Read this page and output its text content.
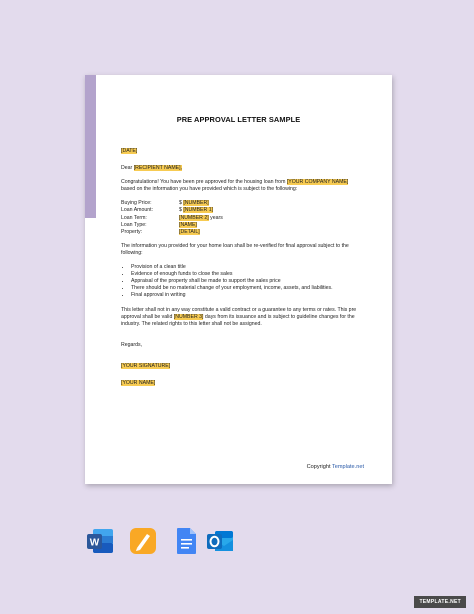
PRE APPROVAL LETTER SAMPLE

[DATE]

Dear [RECIPIENT NAME],

Congratulations! You have been pre approved for the housing loan from [YOUR COMPANY NAME]
based on the information you have provided which is subject to the following:

Buying Price:	$ [NUMBER]
Loan Amount:	$ [NUMBER 1]
Loan Term:	[NUMBER 2] years
Loan Type:	[NAME]
Property:	[DETAIL]

The information you provided for your home loan shall be re-verified for final approval subject to the following:

• Provision of a clean title
• Evidence of enough funds to close the sales
• Appraisal of the property shall be made to support the sales price
• There should be no material change of your employment, income, assets, and liabilities.
• Final approval in writing

This letter shall not in any way constitute a valid contract or a guarantee to any terms or rates. This pre approval shall be valid [NUMBER 3] days from its issuance and is subject to guideline changes for the industry. The related rights to this letter shall not be assigned.

Regards,

[YOUR SIGNATURE]

[YOUR NAME]

Copyright Template.net
W
TEMPLATE.NET
